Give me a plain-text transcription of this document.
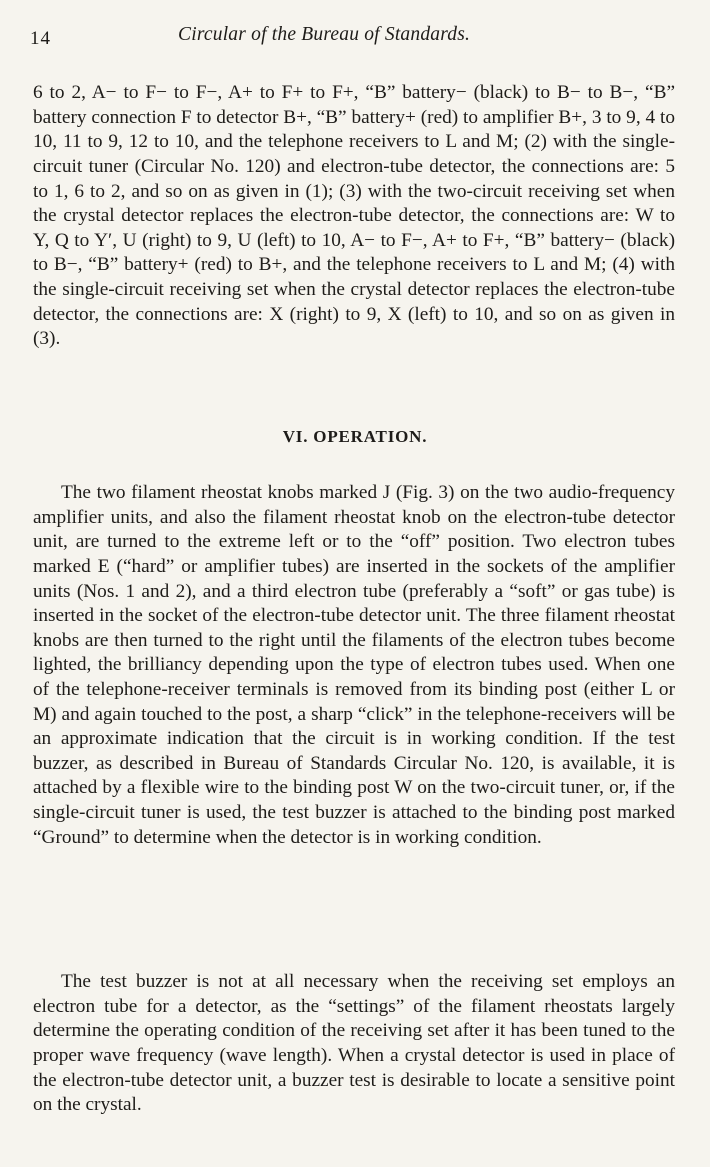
14	Circular of the Bureau of Standards.

6 to 2, A− to F− to F−, A+ to F+ to F+, “B” battery− (black) to B− to B−, “B” battery connection F to detector B+, “B” battery+ (red) to amplifier B+, 3 to 9, 4 to 10, 11 to 9, 12 to 10, and the telephone receivers to L and M; (2) with the single-circuit tuner (Circular No. 120) and electron-tube detector, the connections are: 5 to 1, 6 to 2, and so on as given in (1); (3) with the two-circuit receiving set when the crystal detector replaces the electron-tube detector, the connections are: W to Y, Q to Y′, U (right) to 9, U (left) to 10, A− to F−, A+ to F+, “B” battery− (black) to B−, “B” battery+ (red) to B+, and the telephone receivers to L and M; (4) with the single-circuit receiving set when the crystal detector replaces the electron-tube detector, the connections are: X (right) to 9, X (left) to 10, and so on as given in (3).

VI. OPERATION.

The two filament rheostat knobs marked J (Fig. 3) on the two audio-frequency amplifier units, and also the filament rheostat knob on the electron-tube detector unit, are turned to the extreme left or to the “off” position. Two electron tubes marked E (“hard” or amplifier tubes) are inserted in the sockets of the amplifier units (Nos. 1 and 2), and a third electron tube (preferably a “soft” or gas tube) is inserted in the socket of the electron-tube detector unit. The three filament rheostat knobs are then turned to the right until the filaments of the electron tubes become lighted, the brilliancy depending upon the type of electron tubes used. When one of the telephone-receiver terminals is removed from its binding post (either L or M) and again touched to the post, a sharp “click” in the telephone-receivers will be an approximate indication that the circuit is in working condition. If the test buzzer, as described in Bureau of Standards Circular No. 120, is available, it is attached by a flexible wire to the binding post W on the two-circuit tuner, or, if the single-circuit tuner is used, the test buzzer is attached to the binding post marked “Ground” to determine when the detector is in working condition.

The test buzzer is not at all necessary when the receiving set employs an electron tube for a detector, as the “settings” of the filament rheostats largely determine the operating condition of the receiving set after it has been tuned to the proper wave frequency (wave length). When a crystal detector is used in place of the electron-tube detector unit, a buzzer test is desirable to locate a sensitive point on the crystal.
